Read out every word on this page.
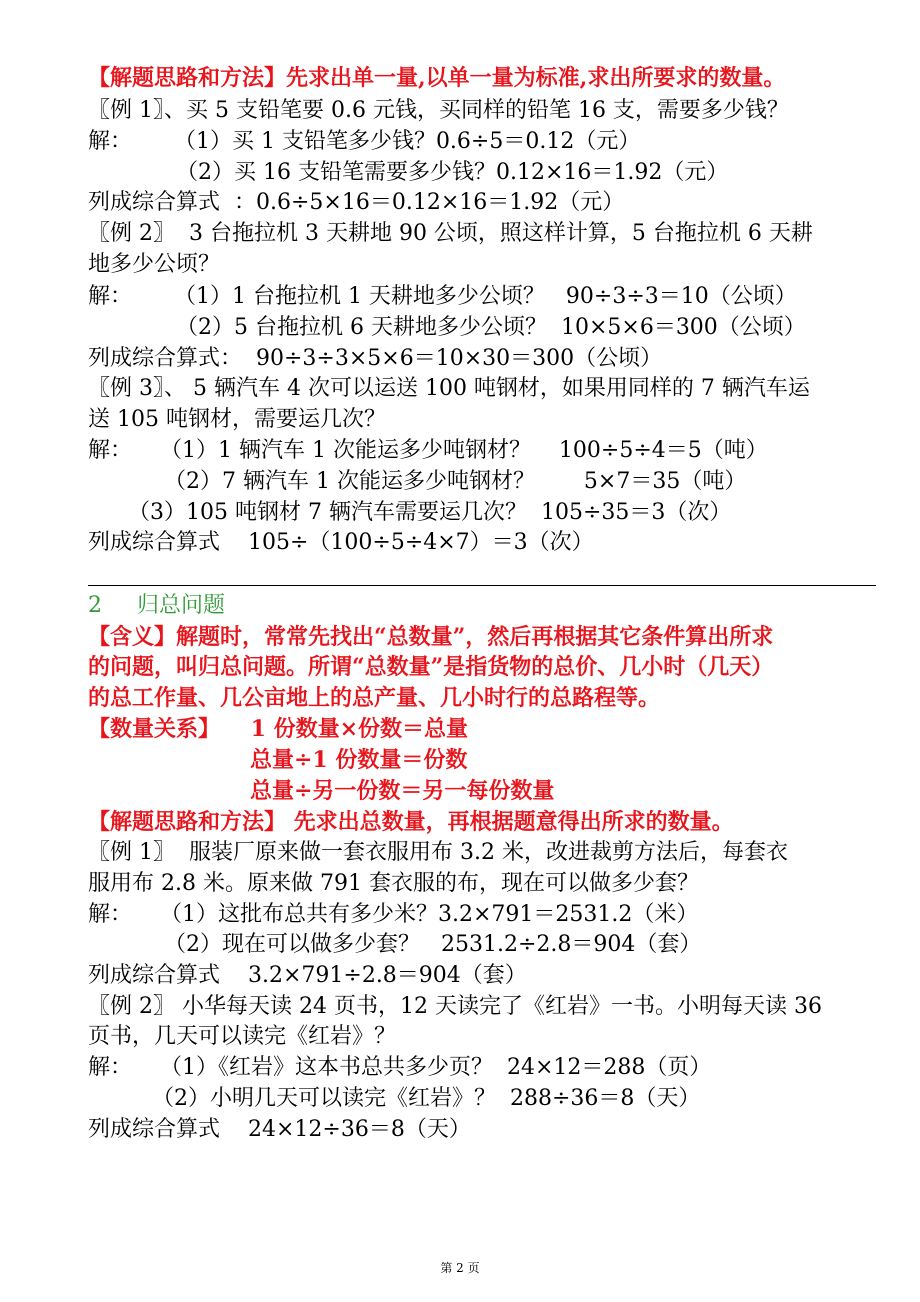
【解题思路和方法】先求出单一量,以单一量为标准,求出所要求的数量。
〖例 1〗、买 5 支铅笔要 0.6 元钱，买同样的铅笔 16 支，需要多少钱？
解：      （1）买 1 支铅笔多少钱？0.6÷5＝0.12（元）
（2）买 16 支铅笔需要多少钱？0.12×16＝1.92（元）
列成综合算式  ：0.6÷5×16＝0.12×16＝1.92（元）
〖例 2〗  3 台拖拉机 3 天耕地 90 公顷，照这样计算，5 台拖拉机 6 天耕
地多少公顷？
解：      （1）1 台拖拉机 1 天耕地多少公顷？   90÷3÷3＝10（公顷）
（2）5 台拖拉机 6 天耕地多少公顷？  10×5×6＝300（公顷）
列成综合算式：  90÷3÷3×5×6＝10×30＝300（公顷）
〖例 3〗、 5 辆汽车 4 次可以运送 100 吨钢材，如果用同样的 7 辆汽车运
送 105 吨钢材，需要运几次？
解：    （1）1 辆汽车 1 次能运多少吨钢材？    100÷5÷4＝5（吨）
（2）7 辆汽车 1 次能运多少吨钢材？       5×7＝35（吨）
（3）105 吨钢材 7 辆汽车需要运几次？  105÷35＝3（次）
列成综合算式    105÷（100÷5÷4×7）＝3（次）
2     归总问题
【含义】解题时，常常先找出“总数量”，然后再根据其它条件算出所求
的问题，叫归总问题。所谓“总数量”是指货物的总价、几小时（几天）
的总工作量、几公亩地上的总产量、几小时行的总路程等。
【数量关系】    1 份数量×份数＝总量
总量÷1 份数量＝份数
总量÷另一份数＝另一每份数量
【解题思路和方法】 先求出总数量，再根据题意得出所求的数量。
〖例 1〗  服装厂原来做一套衣服用布 3.2 米，改进裁剪方法后，每套衣
服用布 2.8 米。原来做 791 套衣服的布，现在可以做多少套？
解：    （1）这批布总共有多少米？3.2×791＝2531.2（米）
（2）现在可以做多少套？   2531.2÷2.8＝904（套）
列成综合算式    3.2×791÷2.8＝904（套）
〖例 2〗 小华每天读 24 页书，12 天读完了《红岩》一书。小明每天读 36
页书，几天可以读完《红岩》？
解：    （1）《红岩》这本书总共多少页？  24×12＝288（页）
（2）小明几天可以读完《红岩》？  288÷36＝8（天）
列成综合算式    24×12÷36＝8（天）
第 2 页
